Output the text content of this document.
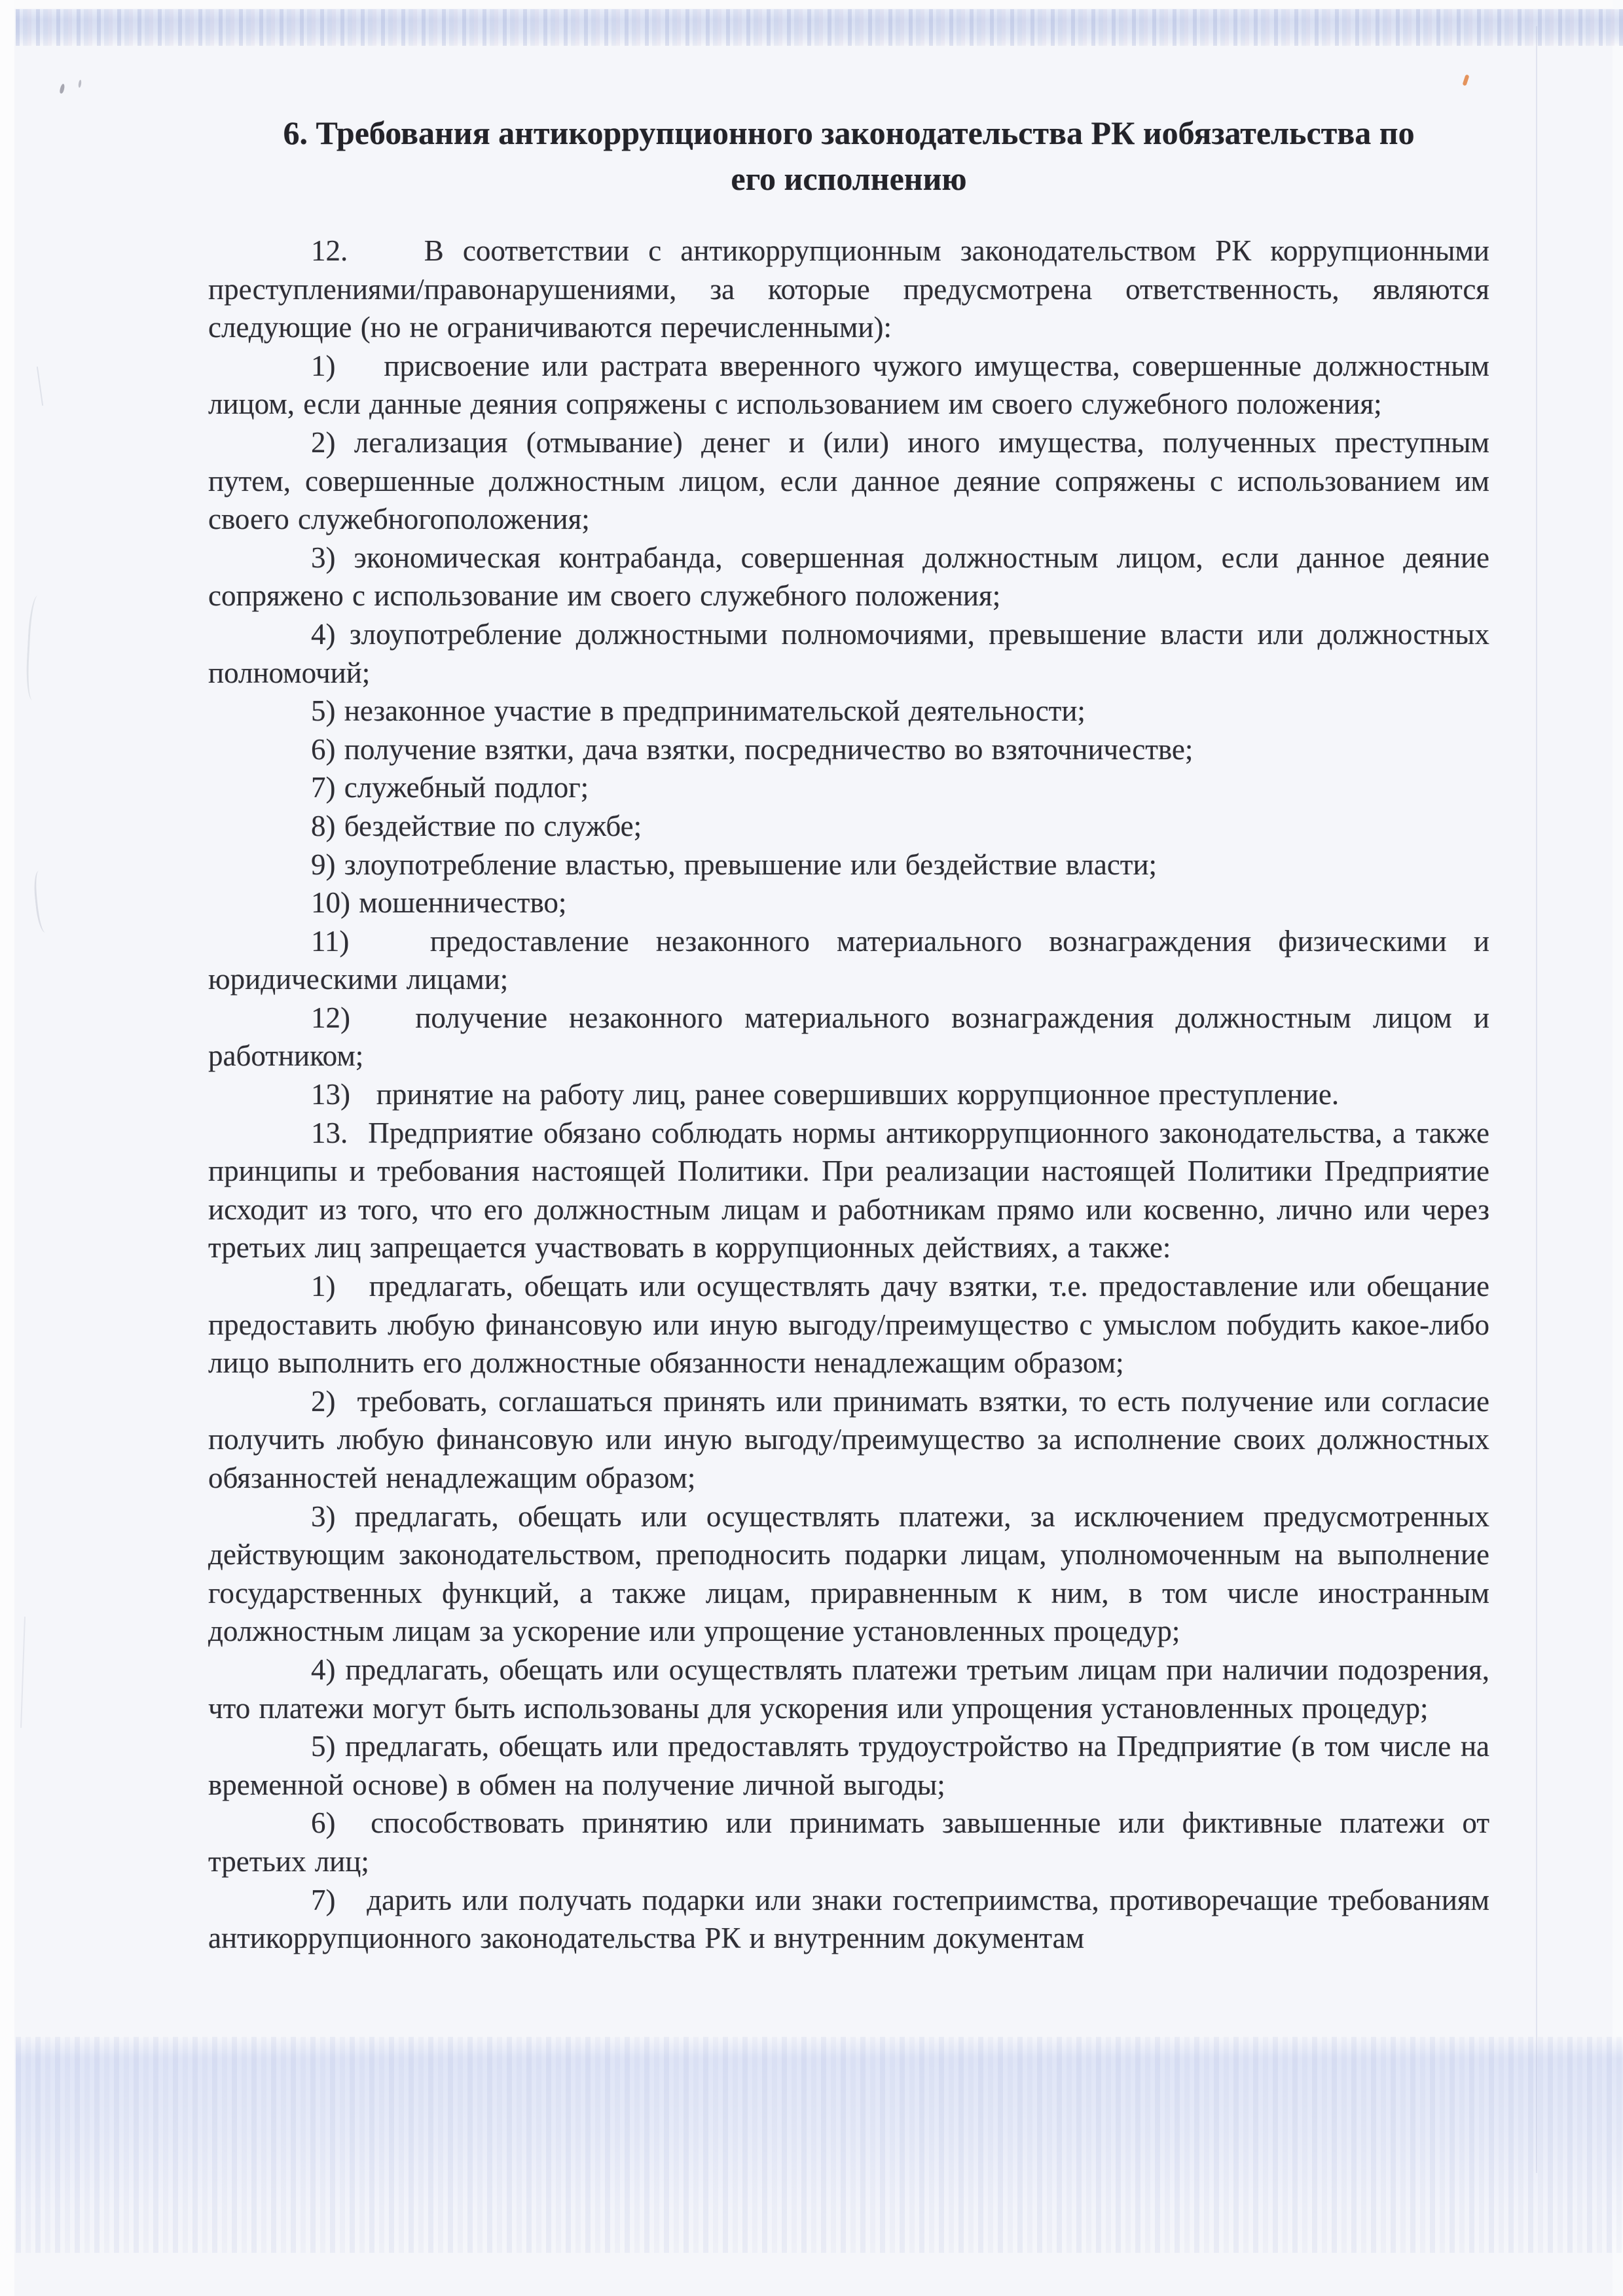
6. Требования антикоррупционного законодательства РК иобязательства по
его исполнению

12.    В соответствии с антикоррупционным законодательством РК коррупционными преступлениями/правонарушениями, за которые предусмотрена ответственность, являются следующие (но не ограничиваются перечисленными):

1)    присвоение или растрата вверенного чужого имущества, совершенные должностным лицом, если данные деяния сопряжены с использованием им своего служебного положения;

2) легализация (отмывание) денег и (или) иного имущества, полученных преступным путем, совершенные должностным лицом, если данное деяние сопряжены с использованием им своего служебногоположения;

3) экономическая контрабанда, совершенная должностным лицом, если данное деяние сопряжено с использование им своего служебного положения;

4) злоупотребление должностными полномочиями, превышение власти или должностных полномочий;

5) незаконное участие в предпринимательской деятельности;

6) получение взятки, дача взятки, посредничество во взяточничестве;

7) служебный подлог;

8) бездействие по службе;

9) злоупотребление властью, превышение или бездействие власти;

10) мошенничество;

11)   предоставление незаконного материального вознаграждения физическими и юридическими лицами;

12)   получение незаконного материального вознаграждения должностным лицом и работником;

13)   принятие на работу лиц, ранее совершивших коррупционное преступление.

13.  Предприятие обязано соблюдать нормы антикоррупционного законодательства, а также принципы и требования настоящей Политики. При реализации настоящей Политики Предприятие исходит из того, что его должностным лицам и работникам прямо или косвенно, лично или через третьих лиц запрещается участвовать в коррупционных действиях, а также:

1)   предлагать, обещать или осуществлять дачу взятки, т.е. предоставление или обещание предоставить любую финансовую или иную выгоду/преимущество с умыслом побудить какое-либо лицо выполнить его должностные обязанности ненадлежащим образом;

2)  требовать, соглашаться принять или принимать взятки, то есть получение или согласие получить любую финансовую или иную выгоду/преимущество за исполнение своих должностных обязанностей ненадлежащим образом;

3) предлагать, обещать или осуществлять платежи, за исключением предусмотренных действующим законодательством, преподносить подарки лицам, уполномоченным на выполнение государственных функций, а также лицам, приравненным к ним, в том числе иностранным должностным лицам за ускорение или упрощение установленных процедур;

4) предлагать, обещать или осуществлять платежи третьим лицам при наличии подозрения, что платежи могут быть использованы для ускорения или упрощения установленных процедур;

5) предлагать, обещать или предоставлять трудоустройство на Предприятие (в том числе на временной основе) в обмен на получение личной выгоды;

6)  способствовать принятию или принимать завышенные или фиктивные платежи от третьих лиц;

7)   дарить или получать подарки или знаки гостеприимства, противоречащие требованиям антикоррупционного законодательства РК и внутренним документам
